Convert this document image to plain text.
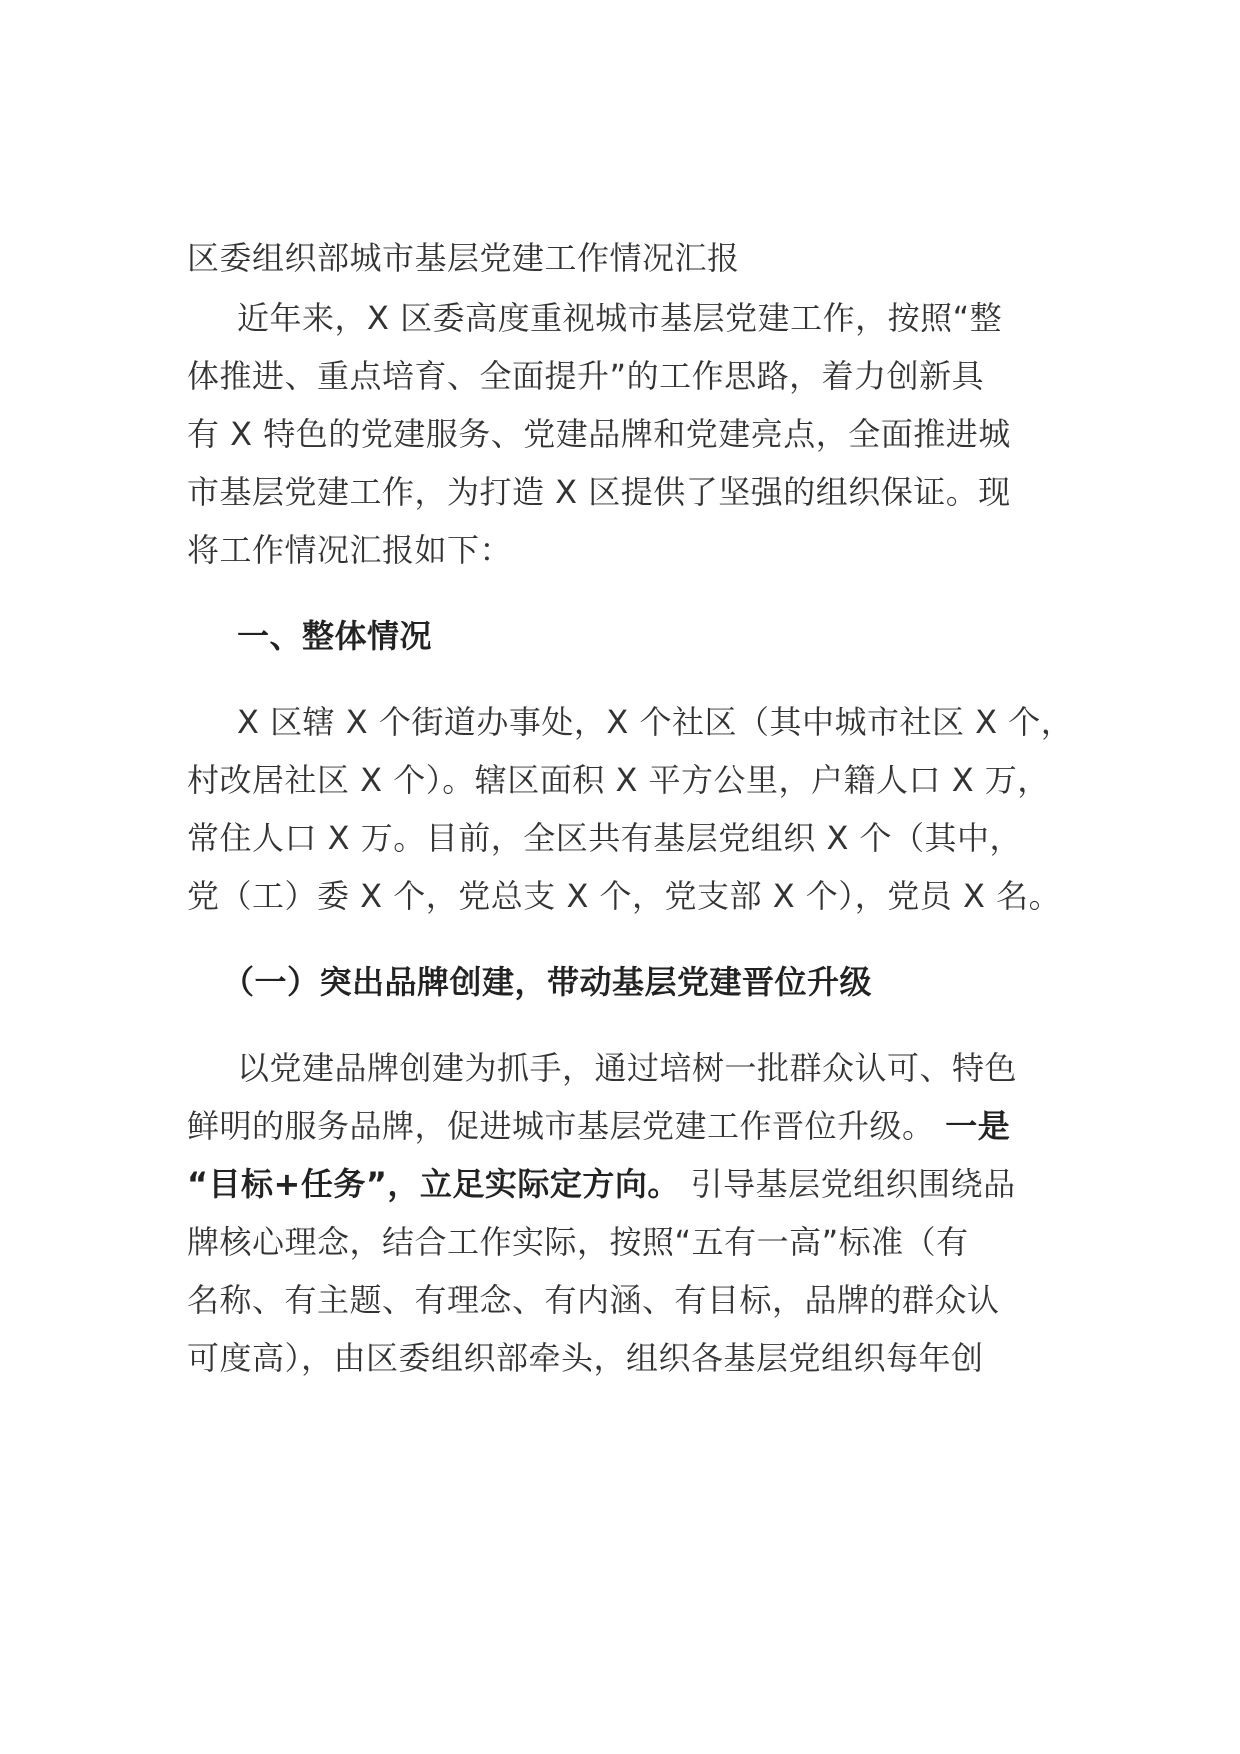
区委组织部城市基层党建工作情况汇报
近年来，X 区委高度重视城市基层党建工作，按照“整
体推进、重点培育、全面提升”的工作思路，着力创新具
有 X 特色的党建服务、党建品牌和党建亮点，全面推进城
市基层党建工作，为打造 X 区提供了坚强的组织保证。现
将工作情况汇报如下：
一、整体情况
X 区辖 X 个街道办事处，X 个社区（其中城市社区 X 个，
村改居社区 X 个）。辖区面积 X 平方公里，户籍人口 X 万，
常住人口 X 万。目前，全区共有基层党组织 X 个（其中，
党（工）委 X 个，党总支 X 个，党支部 X 个），党员 X 名。
（一）突出品牌创建，带动基层党建晋位升级
以党建品牌创建为抓手，通过培树一批群众认可、特色
鲜明的服务品牌，促进城市基层党建工作晋位升级。 一是
“目标+任务”，立足实际定方向。 引导基层党组织围绕品
牌核心理念，结合工作实际，按照“五有一高”标准（有
名称、有主题、有理念、有内涵、有目标，品牌的群众认
可度高），由区委组织部牵头，组织各基层党组织每年创
